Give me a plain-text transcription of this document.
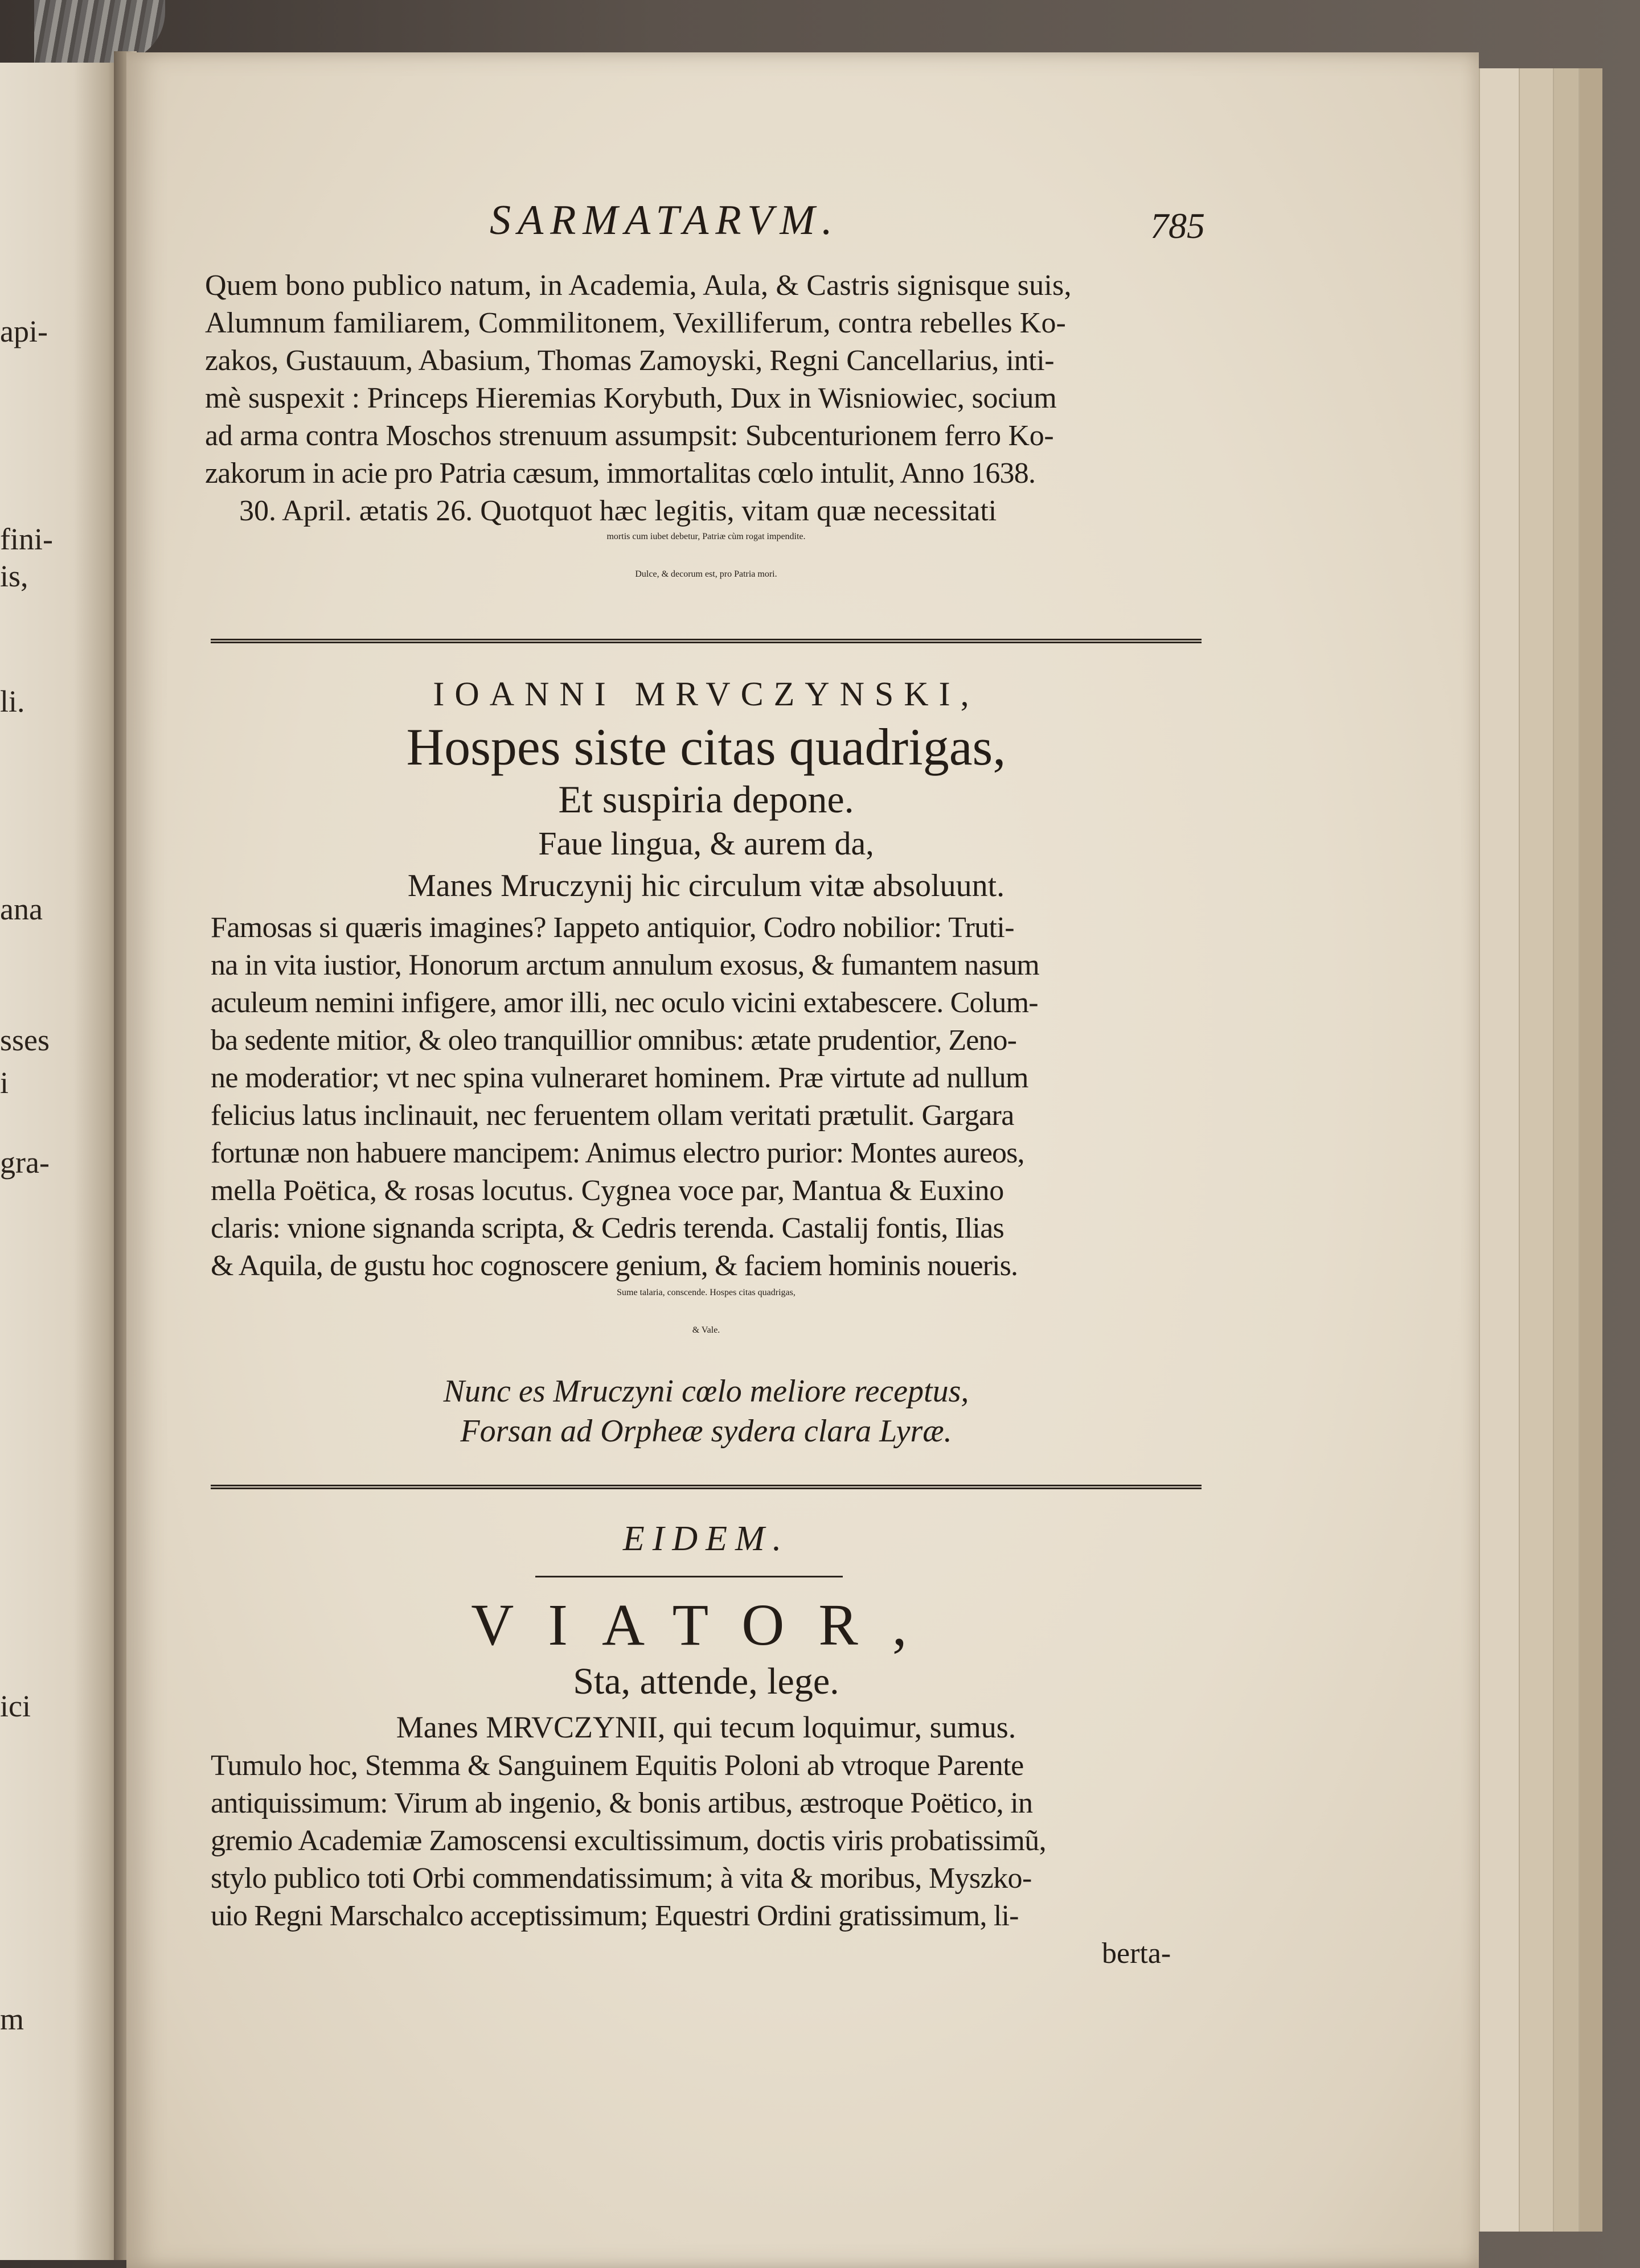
api-
fini-
is,
li.
ana
sses
i
gra-
ici
m
SARMATARVM.	785
Quem bono publico natum, in Academia, Aula, & Castris signisque suis,
Alumnum familiarem, Commilitonem, Vexilliferum, contra rebelles Ko-
zakos, Gustauum, Abasium, Thomas Zamoyski, Regni Cancellarius, inti-
mè suspexit : Princeps Hieremias Korybuth, Dux in Wisniowiec, socium
ad arma contra Moschos strenuum assumpsit: Subcenturionem ferro Ko-
zakorum in acie pro Patria cæsum, immortalitas cœlo intulit, Anno 1638.
30. April. ætatis 26. Quotquot hæc legitis, vitam quæ necessitati
mortis cum iubet debetur, Patriæ cùm rogat impendite.
Dulce, & decorum est, pro Patria mori.
IOANNI MRVCZYNSKI,
Hospes siste citas quadrigas,
Et suspiria depone.
Faue lingua, & aurem da,
Manes Mruczynij hic circulum vitæ absoluunt.
Famosas si quæris imagines? Iappeto antiquior, Codro nobilior: Truti-
na in vita iustior, Honorum arctum annulum exosus, & fumantem nasum
aculeum nemini infigere, amor illi, nec oculo vicini extabescere. Colum-
ba sedente mitior, & oleo tranquillior omnibus: ætate prudentior, Zeno-
ne moderatior; vt nec spina vulneraret hominem. Præ virtute ad nullum
felicius latus inclinauit, nec feruentem ollam veritati prætulit. Gargara
fortunæ non habuere mancipem: Animus electro purior: Montes aureos,
mella Poëtica, & rosas locutus. Cygnea voce par, Mantua & Euxino
claris: vnione signanda scripta, & Cedris terenda. Castalij fontis, Ilias
& Aquila, de gustu hoc cognoscere genium, & faciem hominis noueris.
Sume talaria, conscende. Hospes citas quadrigas,
& Vale.
Nunc es Mruczyni cœlo meliore receptus,
Forsan ad Orpheæ sydera clara Lyræ.
EIDEM.
VIATOR,
Sta, attende, lege.
Manes MRVCZYNII, qui tecum loquimur, sumus.
Tumulo hoc, Stemma & Sanguinem Equitis Poloni ab vtroque Parente
antiquissimum: Virum ab ingenio, & bonis artibus, æstroque Poëtico, in
gremio Academiæ Zamoscensi excultissimum, doctis viris probatissimũ,
stylo publico toti Orbi commendatissimum; à vita & moribus, Myszko-
uio Regni Marschalco acceptissimum; Equestri Ordini gratissimum, li-
berta-
